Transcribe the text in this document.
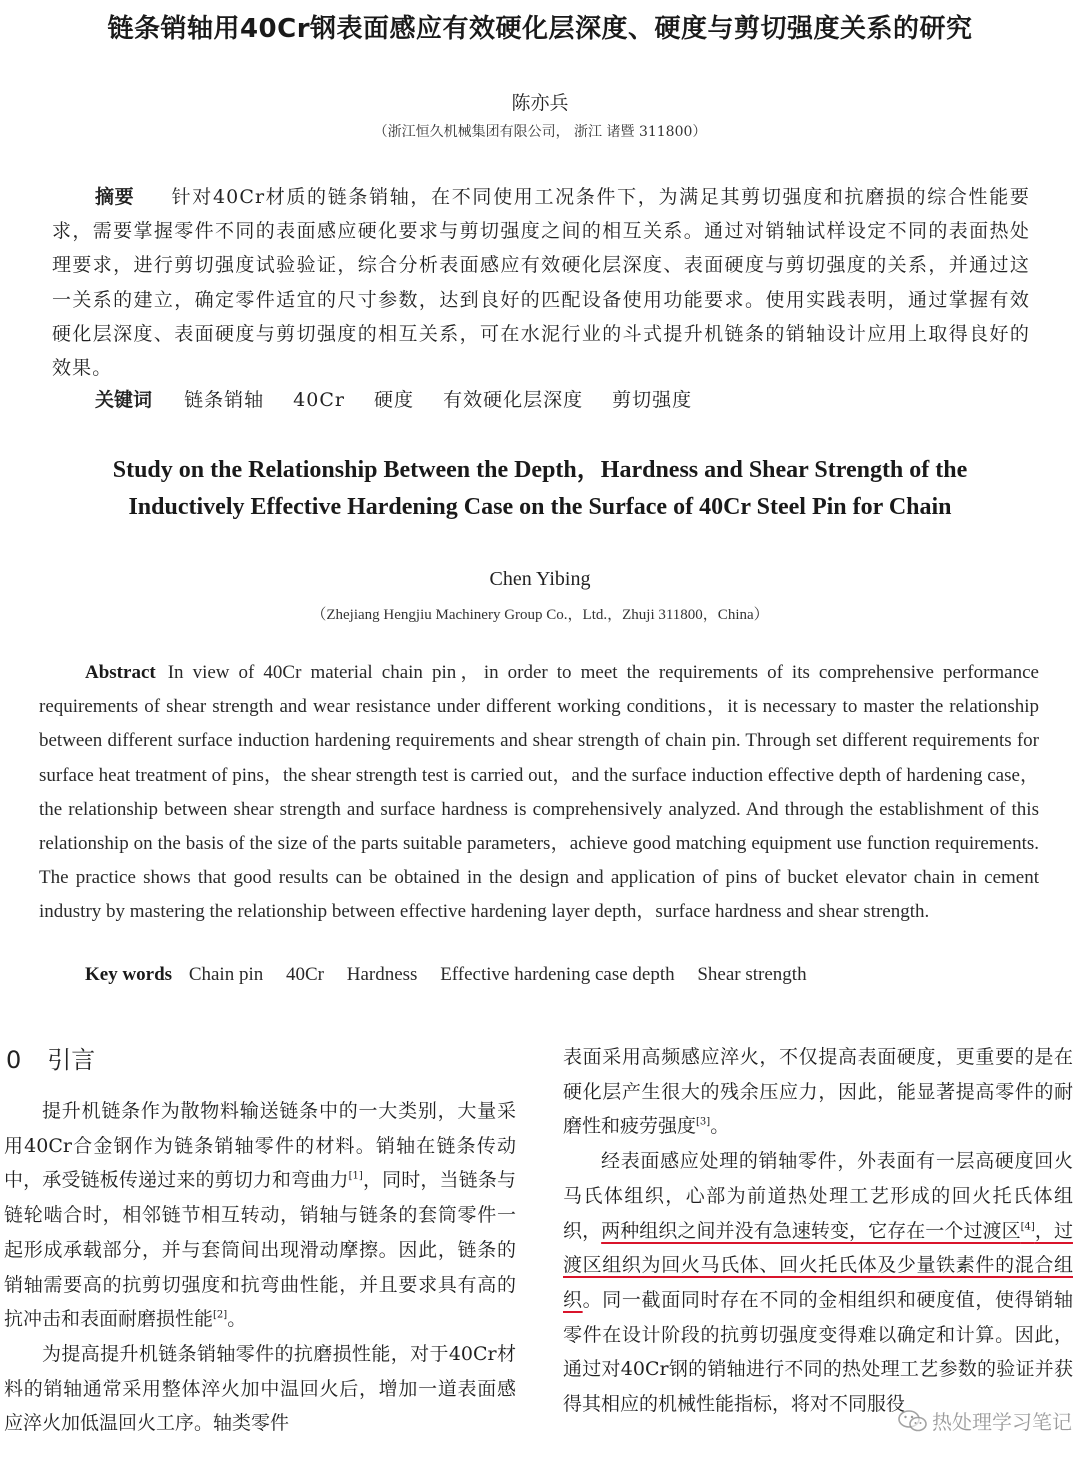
链条销轴用40Cr钢表面感应有效硬化层深度、硬度与剪切强度关系的研究
陈亦兵
（浙江恒久机械集团有限公司， 浙江 诸暨 311800）
摘要 针对40Cr材质的链条销轴，在不同使用工况条件下，为满足其剪切强度和抗磨损的综合性能要求，需要掌握零件不同的表面感应硬化要求与剪切强度之间的相互关系。通过对销轴试样设定不同的表面热处理要求，进行剪切强度试验验证，综合分析表面感应有效硬化层深度、表面硬度与剪切强度的关系，并通过这一关系的建立，确定零件适宜的尺寸参数，达到良好的匹配设备使用功能要求。使用实践表明，通过掌握有效硬化层深度、表面硬度与剪切强度的相互关系，可在水泥行业的斗式提升机链条的销轴设计应用上取得良好的效果。
关键词 链条销轴 40Cr 硬度 有效硬化层深度 剪切强度
Study on the Relationship Between the Depth，Hardness and Shear Strength of the
Inductively Effective Hardening Case on the Surface of 40Cr Steel Pin for Chain
Chen Yibing
（Zhejiang Hengjiu Machinery Group Co.，Ltd.，Zhuji 311800，China）
Abstract In view of 40Cr material chain pin，in order to meet the requirements of its comprehensive performance requirements of shear strength and wear resistance under different working conditions，it is necessary to master the relationship between different surface induction hardening requirements and shear strength of chain pin. Through set different requirements for surface heat treatment of pins，the shear strength test is carried out，and the surface induction effective depth of hardening case，the relationship between shear strength and surface hardness is comprehensively analyzed. And through the establishment of this relationship on the basis of the size of the parts suitable parameters，achieve good matching equipment use function requirements. The practice shows that good results can be obtained in the design and application of pins of bucket elevator chain in cement industry by mastering the relationship between effective hardening layer depth，surface hardness and shear strength.
Key words Chain pin 40Cr Hardness Effective hardening case depth Shear strength
0 引言

提升机链条作为散物料输送链条中的一大类别，大量采用40Cr合金钢作为链条销轴零件的材料。销轴在链条传动中，承受链板传递过来的剪切力和弯曲力[1]，同时，当链条与链轮啮合时，相邻链节相互转动，销轴与链条的套筒零件一起形成承载部分，并与套筒间出现滑动摩擦。因此，链条的销轴需要高的抗剪切强度和抗弯曲性能，并且要求具有高的抗冲击和表面耐磨损性能[2]。

为提高提升机链条销轴零件的抗磨损性能，对于40Cr材料的销轴通常采用整体淬火加中温回火后，增加一道表面感应淬火加低温回火工序。轴类零件

表面采用高频感应淬火，不仅提高表面硬度，更重要的是在硬化层产生很大的残余压应力，因此，能显著提高零件的耐磨性和疲劳强度[3]。

经表面感应处理的销轴零件，外表面有一层高硬度回火马氏体组织，心部为前道热处理工艺形成的回火托氏体组织，两种组织之间并没有急速转变，它存在一个过渡区[4]，过渡区组织为回火马氏体、回火托氏体及少量铁素件的混合组织。同一截面同时存在不同的金相组织和硬度值，使得销轴零件在设计阶段的抗剪切强度变得难以确定和计算。因此，通过对40Cr钢的销轴进行不同的热处理工艺参数的验证并获得其相应的机械性能指标，将对不同服役

热处理学习笔记
